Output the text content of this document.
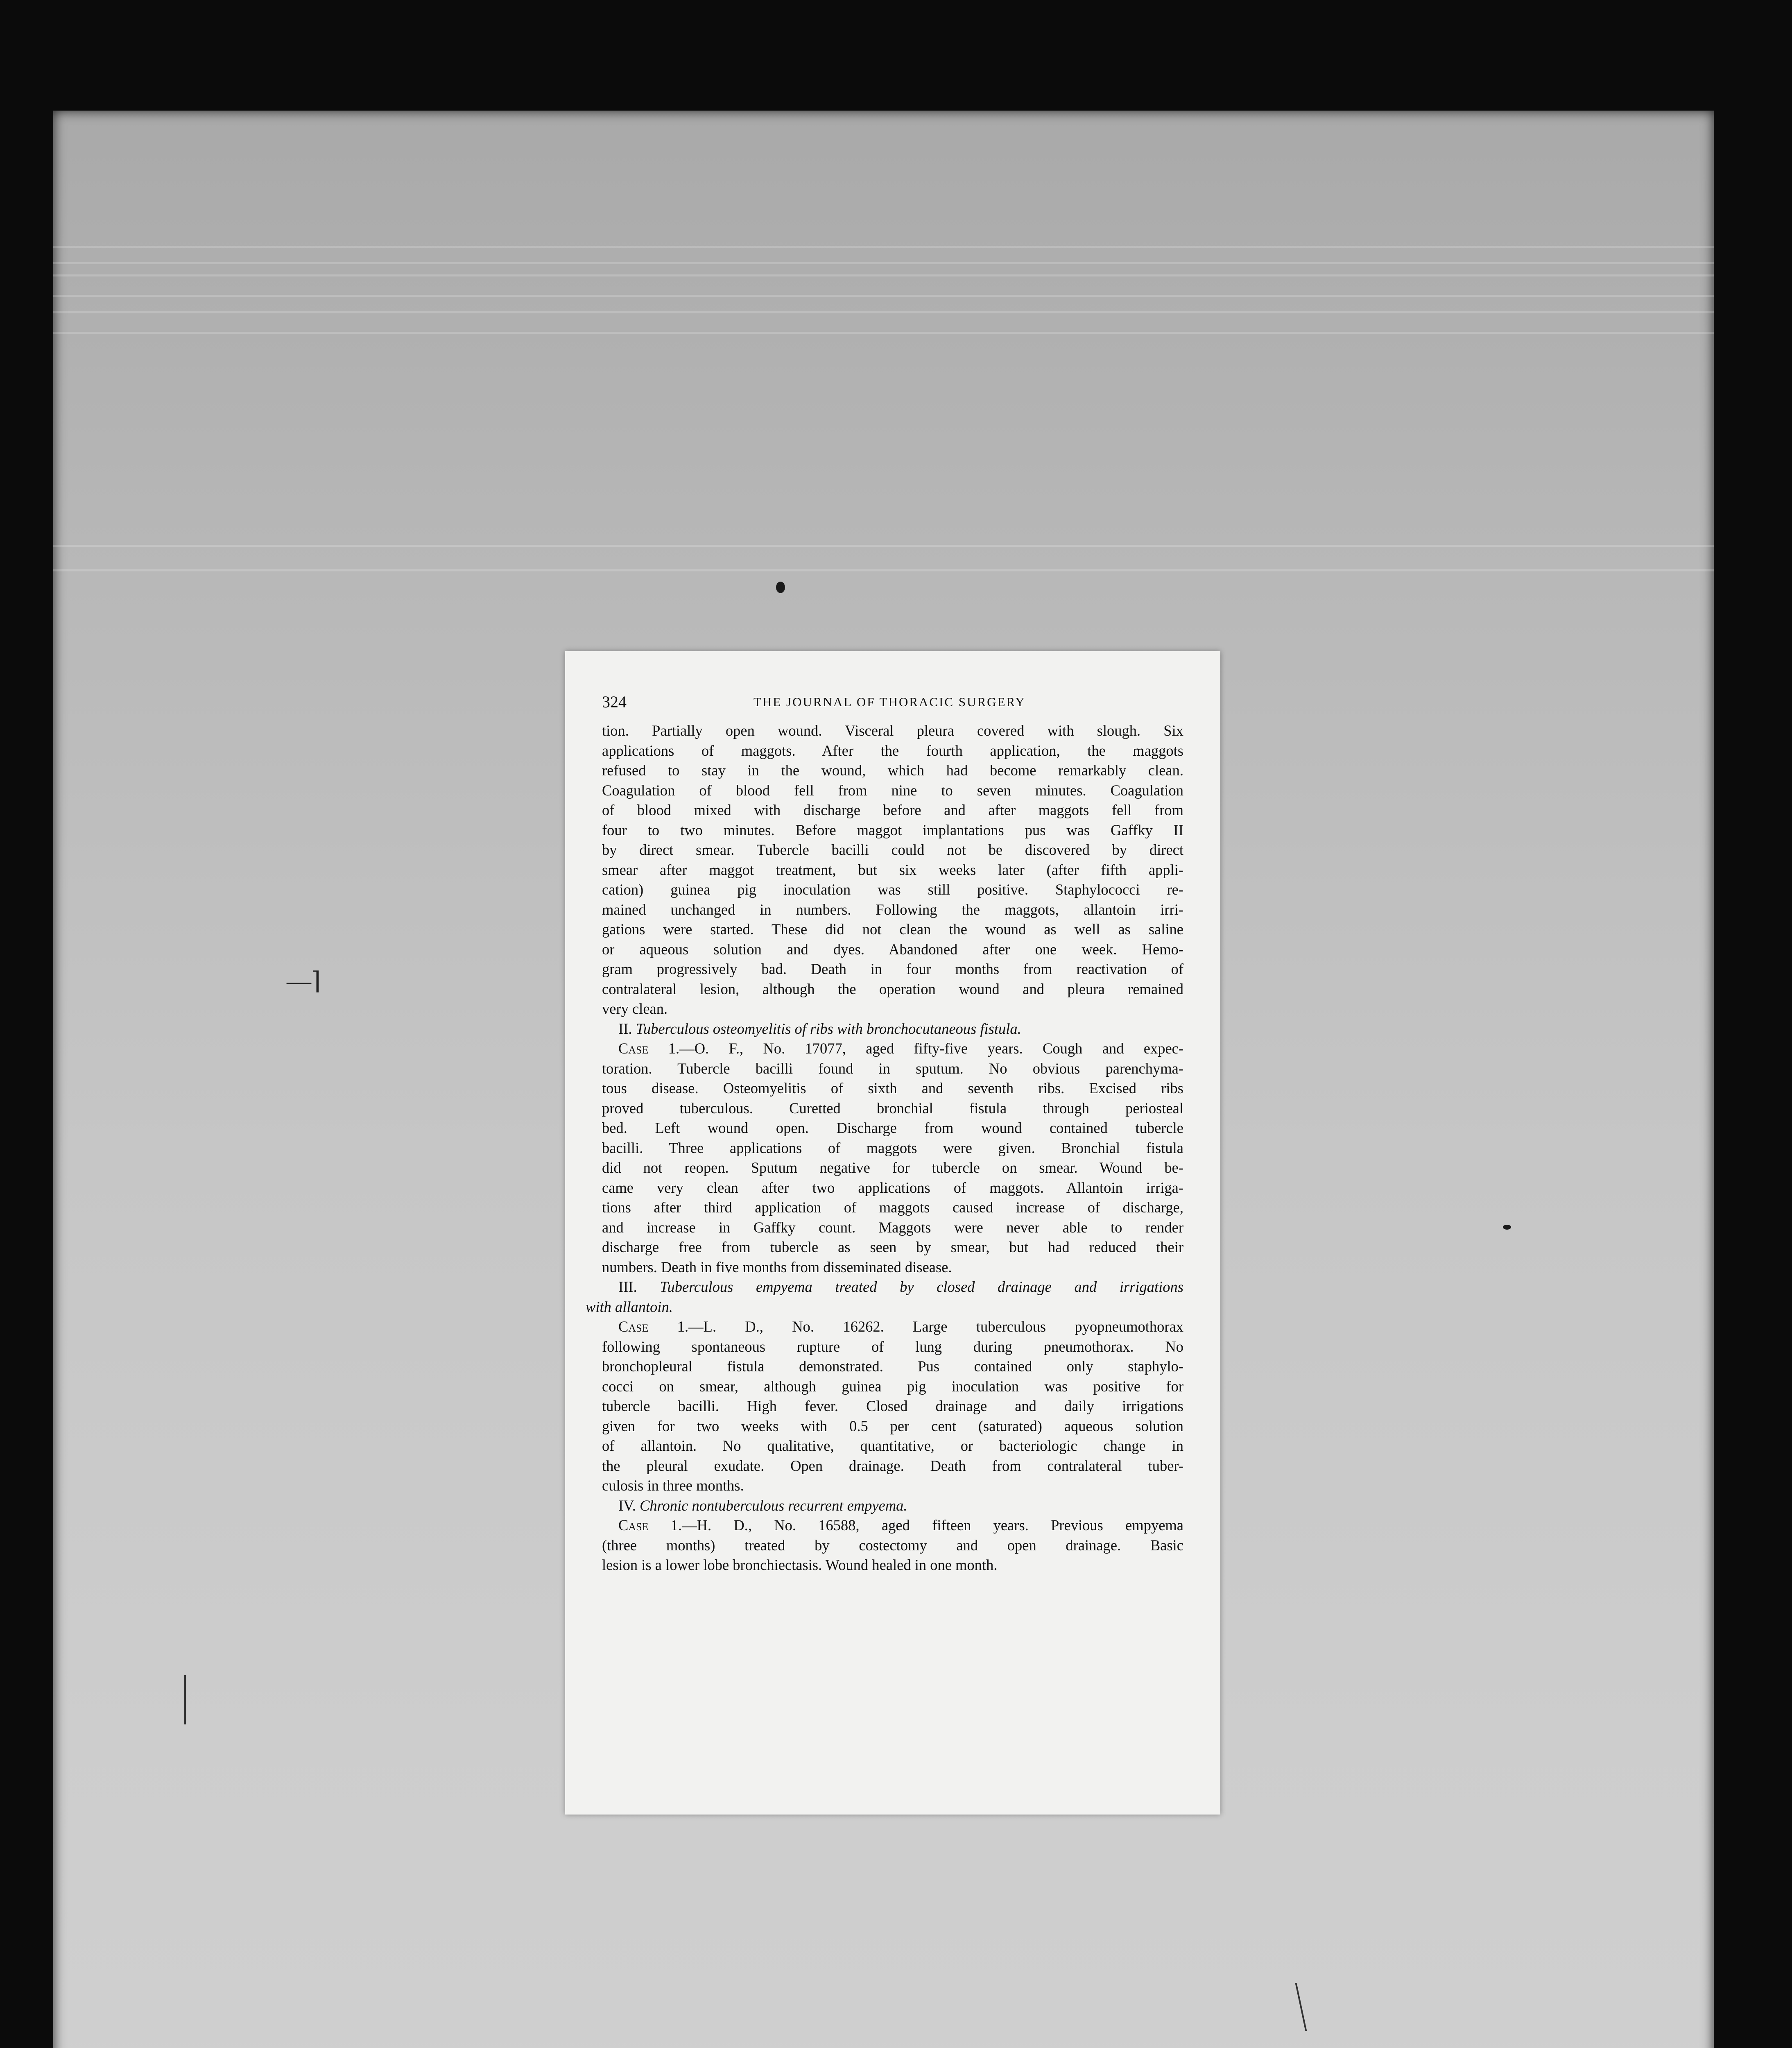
—⌉
324	THE JOURNAL OF THORACIC SURGERY

tion. Partially open wound. Visceral pleura covered with slough. Six
applications of maggots. After the fourth application, the maggots
refused to stay in the wound, which had become remarkably clean.
Coagulation of blood fell from nine to seven minutes. Coagulation
of blood mixed with discharge before and after maggots fell from
four to two minutes. Before maggot implantations pus was Gaffky II
by direct smear. Tubercle bacilli could not be discovered by direct
smear after maggot treatment, but six weeks later (after fifth appli-
cation) guinea pig inoculation was still positive. Staphylococci re-
mained unchanged in numbers. Following the maggots, allantoin irri-
gations were started. These did not clean the wound as well as saline
or aqueous solution and dyes. Abandoned after one week. Hemo-
gram progressively bad. Death in four months from reactivation of
contralateral lesion, although the operation wound and pleura remained
very clean.

II. Tuberculous osteomyelitis of ribs with bronchocutaneous fistula.

Case 1.—O. F., No. 17077, aged fifty-five years. Cough and expec-
toration. Tubercle bacilli found in sputum. No obvious parenchyma-
tous disease. Osteomyelitis of sixth and seventh ribs. Excised ribs
proved tuberculous. Curetted bronchial fistula through periosteal
bed. Left wound open. Discharge from wound contained tubercle
bacilli. Three applications of maggots were given. Bronchial fistula
did not reopen. Sputum negative for tubercle on smear. Wound be-
came very clean after two applications of maggots. Allantoin irriga-
tions after third application of maggots caused increase of discharge,
and increase in Gaffky count. Maggots were never able to render
discharge free from tubercle as seen by smear, but had reduced their
numbers. Death in five months from disseminated disease.

III. Tuberculous empyema treated by closed drainage and irrigations
with allantoin.

Case 1.—L. D., No. 16262. Large tuberculous pyopneumothorax
following spontaneous rupture of lung during pneumothorax. No
bronchopleural fistula demonstrated. Pus contained only staphylo-
cocci on smear, although guinea pig inoculation was positive for
tubercle bacilli. High fever. Closed drainage and daily irrigations
given for two weeks with 0.5 per cent (saturated) aqueous solution
of allantoin. No qualitative, quantitative, or bacteriologic change in
the pleural exudate. Open drainage. Death from contralateral tuber-
culosis in three months.

IV. Chronic nontuberculous recurrent empyema.

Case 1.—H. D., No. 16588, aged fifteen years. Previous empyema
(three months) treated by costectomy and open drainage. Basic
lesion is a lower lobe bronchiectasis. Wound healed in one month.
